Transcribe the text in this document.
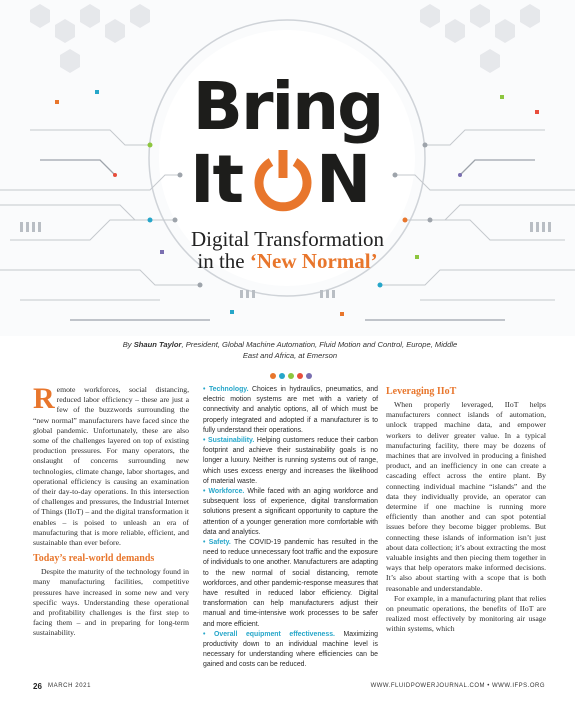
Bring
It N
Digital Transformation
in the ‘New Normal’
By Shaun Taylor, President, Global Machine Automation, Fluid Motion and Control, Europe, Middle East and Africa, at Emerson

Remote workforces, social distancing, reduced labor efficiency – these are just a few of the buzzwords surrounding the “new normal” manufacturers have faced since the global pandemic. Unfortunately, these are also some of the challenges layered on top of existing production pressures. For many operators, the onslaught of concerns surrounding new technologies, climate change, labor shortages, and operational efficiency is causing an examination of their day-to-day operations. In this intersection of challenges and pressures, the Industrial Internet of Things (IIoT) – and the digital transformation it enables – is poised to unleash an era of manufacturing that is more reliable, efficient, and sustainable than ever before.

Today’s real-world demands

Despite the maturity of the technology found in many manufacturing facilities, competitive pressures have increased in some new and very specific ways. Understanding these operational and profitability challenges is the first step to facing them – and in preparing for long-term sustainability.

• Technology. Choices in hydraulics, pneumatics, and electric motion systems are met with a variety of connectivity and analytic options, all of which must be properly integrated and adopted if a manufacturer is to fully understand their operations.
• Sustainability. Helping customers reduce their carbon footprint and achieve their sustainability goals is no longer a luxury. Neither is running systems out of range, which uses excess energy and increases the likelihood of material waste.
• Workforce. While faced with an aging workforce and subsequent loss of experience, digital transformation solutions present a significant opportunity to capture the attention of a younger generation more comfortable with data and analytics.
• Safety. The COVID-19 pandemic has resulted in the need to reduce unnecessary foot traffic and the exposure of individuals to one another. Manufacturers are adapting to the new normal of social distancing, remote workforces, and other pandemic-response measures that have resulted in reduced labor efficiency. Digital transformation can help manufacturers adjust their manual and time-intensive work processes to be safer and more efficient.
• Overall equipment effectiveness. Maximizing productivity down to an individual machine level is necessary for understanding where efficiencies can be gained and costs can be reduced.
Leveraging IIoT

When properly leveraged, IIoT helps manufacturers connect islands of automation, unlock trapped machine data, and empower workers to deliver greater value. In a typical manufacturing facility, there may be dozens of machines that are involved in producing a finished product, and an inefficiency in one can create a cascading effect across the entire plant. By connecting individual machine “islands” and the data they individually provide, an operator can determine if one machine is running more efficiently than another and can spot potential issues before they become bigger problems. But connecting these islands of information isn’t just about data collection; it’s about extracting the most valuable insights and then piecing them together in ways that help operators make informed decisions. It’s also about starting with a scope that is both reasonable and understandable.

For example, in a manufacturing plant that relies on pneumatic operations, the benefits of IIoT are realized most effectively by monitoring air usage within systems, which

26 MARCH 2021	WWW.FLUIDPOWERJOURNAL.COM • WWW.IFPS.ORG
